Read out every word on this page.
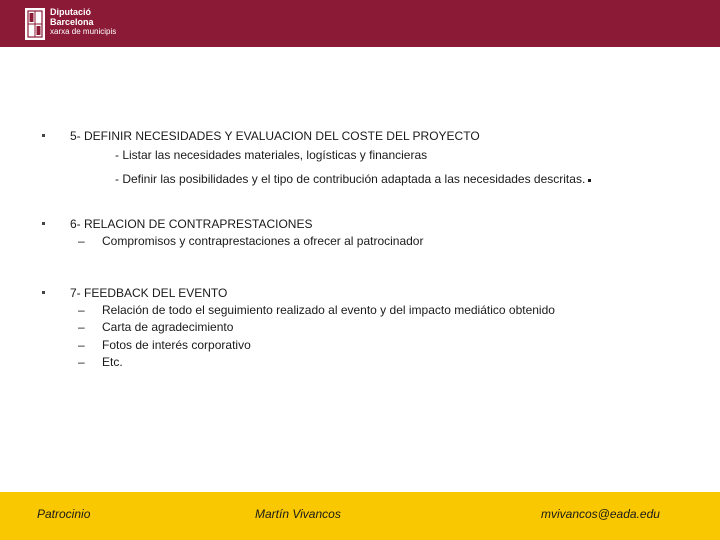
Diputació
Barcelona
xarxa de municipis
5- DEFINIR NECESIDADES Y EVALUACION DEL COSTE DEL PROYECTO
- Listar las necesidades materiales, logísticas y financieras
- Definir las posibilidades y el tipo de contribución adaptada a las necesidades descritas.
6- RELACION DE CONTRAPRESTACIONES
– Compromisos y contraprestaciones a ofrecer al patrocinador
7- FEEDBACK DEL EVENTO
– Relación de todo el seguimiento realizado al evento y del impacto mediático obtenido
– Carta de agradecimiento
– Fotos de interés corporativo
– Etc.
Patrocinio	Martín Vivancos	mvivancos@eada.edu
